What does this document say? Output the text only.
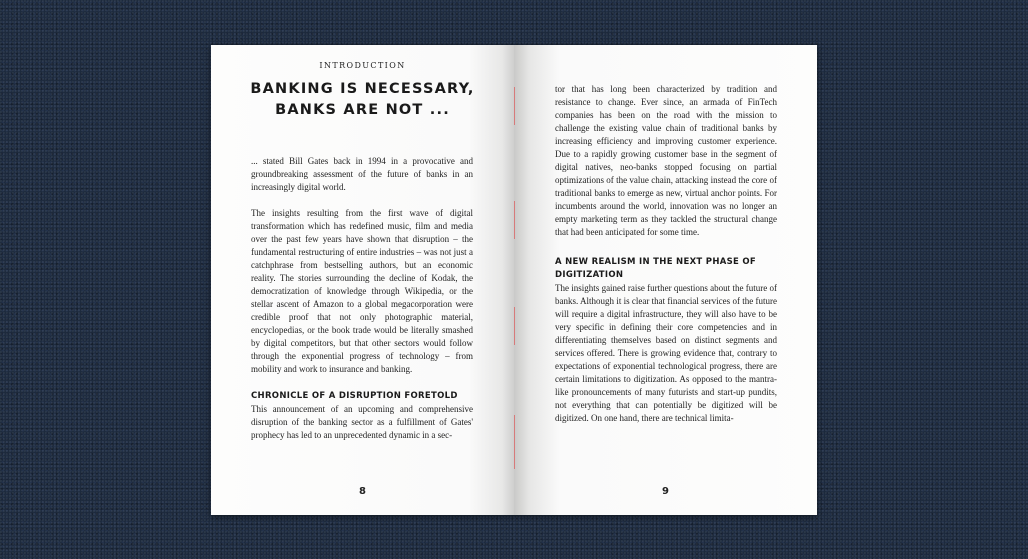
INTRODUCTION
BANKING IS NECESSARY,
BANKS ARE NOT ...

... stated Bill Gates back in 1994 in a provocative and groundbreaking assessment of the future of banks in an increasingly digital world.

The insights resulting from the first wave of digital transformation which has redefined music, film and media over the past few years have shown that disruption – the fundamental restructuring of entire industries – was not just a catchphrase from bestselling authors, but an economic reality. The stories surrounding the decline of Kodak, the democratization of knowledge through Wikipedia, or the stellar ascent of Amazon to a global megacorporation were credible proof that not only photographic material, encyclopedias, or the book trade would be literally smashed by digital competitors, but that other sectors would follow through the exponential progress of technology – from mobility and work to insurance and banking.

CHRONICLE OF A DISRUPTION FORETOLD

This announcement of an upcoming and comprehensive disruption of the banking sector as a fulfillment of Gates' prophecy has led to an unprecedented dynamic in a sec-

8

tor that has long been characterized by tradition and resistance to change. Ever since, an armada of FinTech companies has been on the road with the mission to challenge the existing value chain of traditional banks by increasing efficiency and improving customer experience. Due to a rapidly growing customer base in the segment of digital natives, neo-banks stopped focusing on partial optimizations of the value chain, attacking instead the core of traditional banks to emerge as new, virtual anchor points. For incumbents around the world, innovation was no longer an empty marketing term as they tackled the structural change that had been anticipated for some time.

A NEW REALISM IN THE NEXT PHASE OF
DIGITIZATION

The insights gained raise further questions about the future of banks. Although it is clear that financial services of the future will require a digital infrastructure, they will also have to be very specific in defining their core competencies and in differentiating themselves based on distinct segments and services offered. There is growing evidence that, contrary to expectations of exponential technological progress, there are certain limitations to digitization. As opposed to the mantra-like pronouncements of many futurists and start-up pundits, not everything that can potentially be digitized will be digitized. On one hand, there are technical limita-

9
